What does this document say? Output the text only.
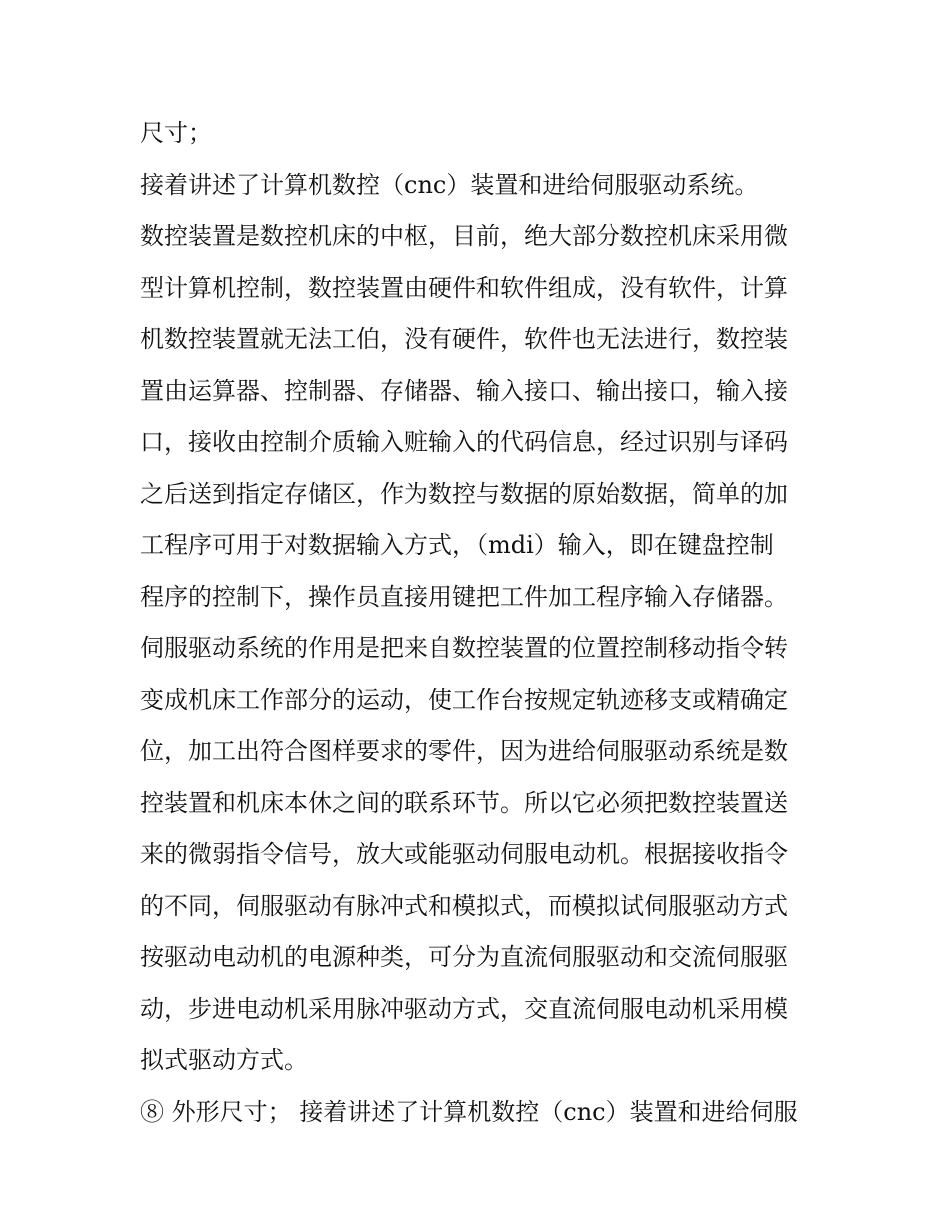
尺寸；
接着讲述了计算机数控（cnc）装置和进给伺服驱动系统。
数控装置是数控机床的中枢，目前，绝大部分数控机床采用微
型计算机控制，数控装置由硬件和软件组成，没有软件，计算
机数控装置就无法工伯，没有硬件，软件也无法进行，数控装
置由运算器、控制器、存储器、输入接口、输出接口，输入接
口，接收由控制介质输入赃输入的代码信息，经过识别与译码
之后送到指定存储区，作为数控与数据的原始数据，简单的加
工程序可用于对数据输入方式，（mdi）输入，即在键盘控制
程序的控制下，操作员直接用键把工件加工程序输入存储器。
伺服驱动系统的作用是把来自数控装置的位置控制移动指令转
变成机床工作部分的运动，使工作台按规定轨迹移支或精确定
位，加工出符合图样要求的零件，因为进给伺服驱动系统是数
控装置和机床本休之间的联系环节。所以它必须把数控装置送
来的微弱指令信号，放大或能驱动伺服电动机。根据接收指令
的不同，伺服驱动有脉冲式和模拟式，而模拟试伺服驱动方式
按驱动电动机的电源种类，可分为直流伺服驱动和交流伺服驱
动，步进电动机采用脉冲驱动方式，交直流伺服电动机采用模
拟式驱动方式。
⑧ 外形尺寸； 接着讲述了计算机数控（cnc）装置和进给伺服
